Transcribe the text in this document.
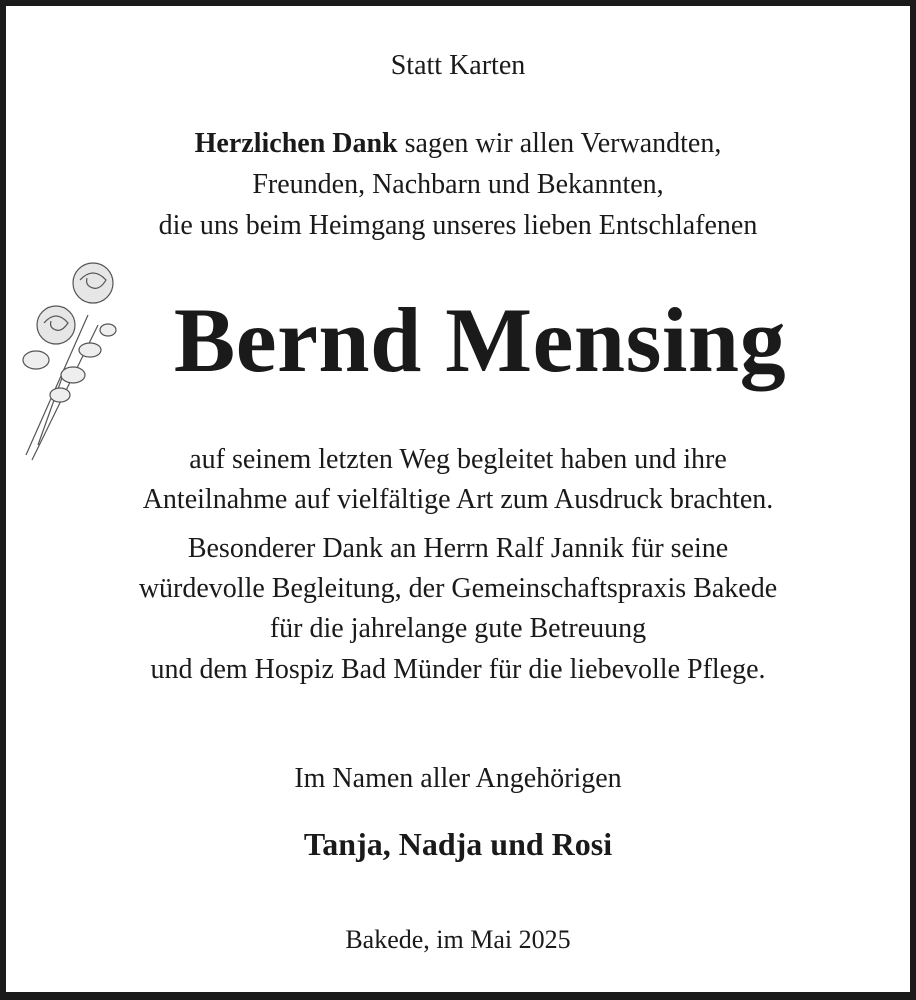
Statt Karten
Herzlichen Dank sagen wir allen Verwandten,
Freunden, Nachbarn und Bekannten,
die uns beim Heimgang unseres lieben Entschlafenen
Bernd Mensing
auf seinem letzten Weg begleitet haben und ihre
Anteilnahme auf vielfältige Art zum Ausdruck brachten.
Besonderer Dank an Herrn Ralf Jannik für seine
würdevolle Begleitung, der Gemeinschaftspraxis Bakede
für die jahrelange gute Betreuung
und dem Hospiz Bad Münder für die liebevolle Pflege.
Im Namen aller Angehörigen
Tanja, Nadja und Rosi
Bakede, im Mai 2025
